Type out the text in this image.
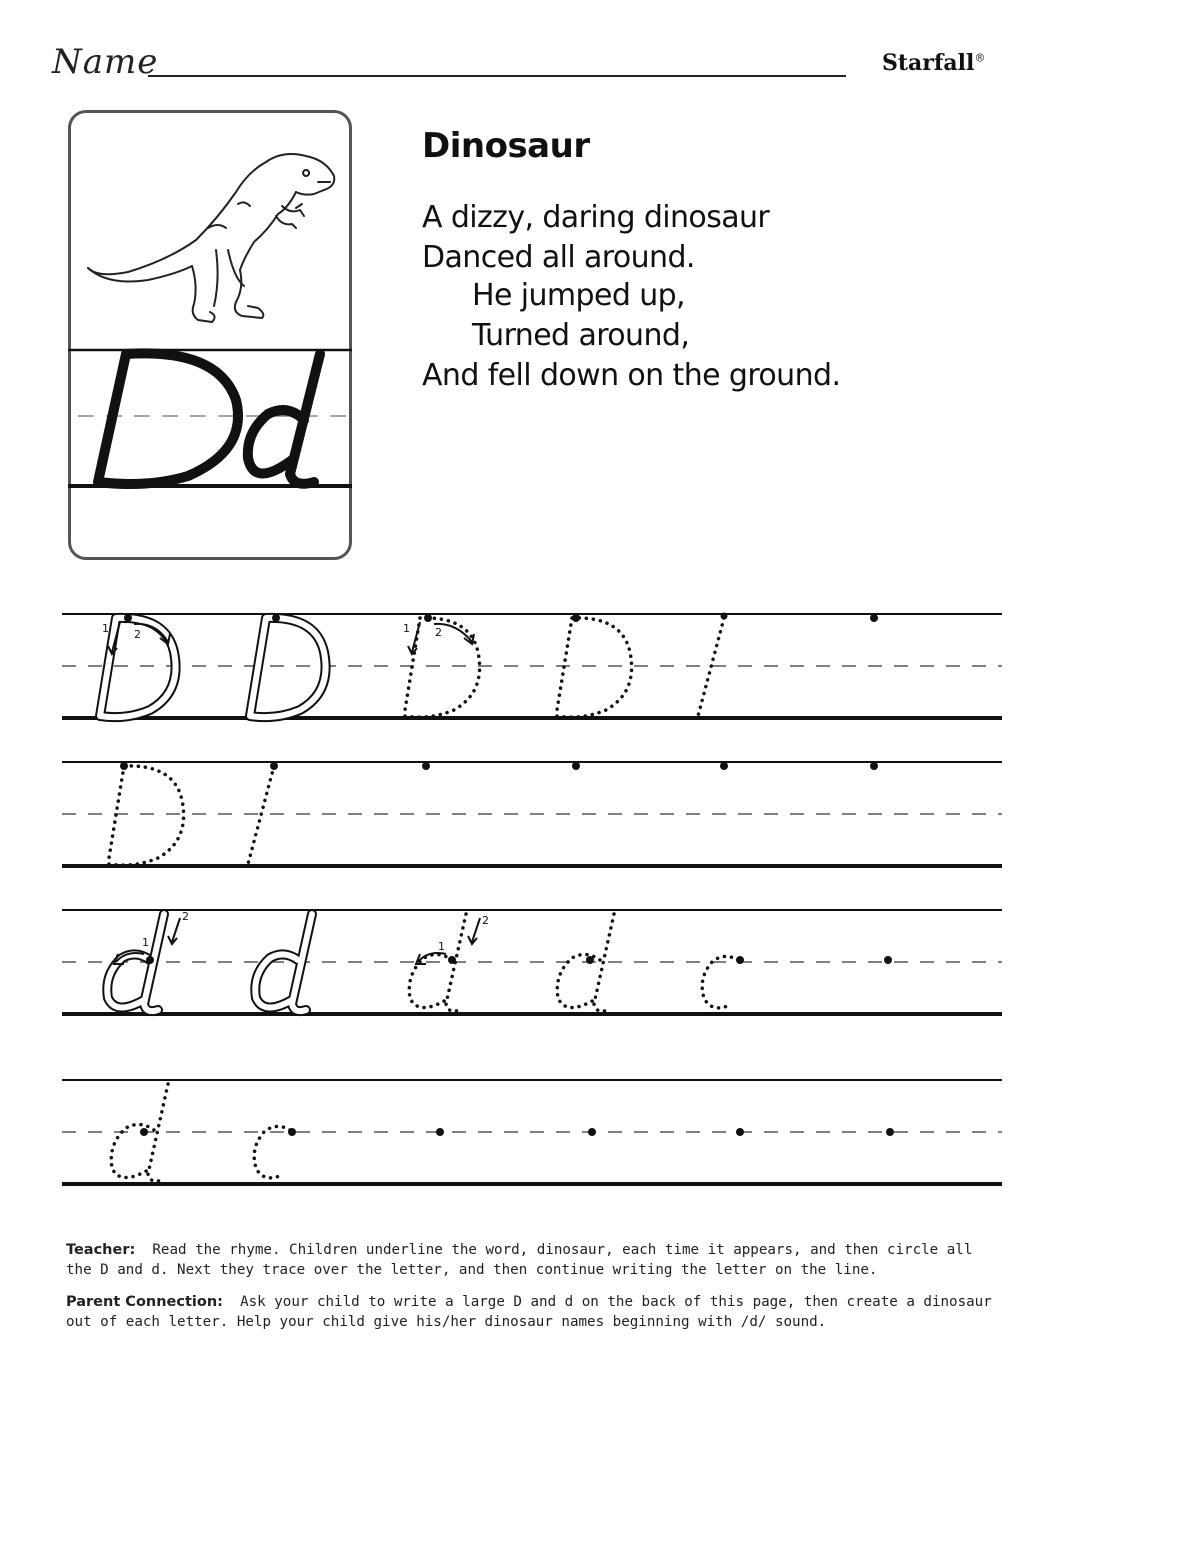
Name	Starfall®
Dinosaur
A dizzy, daring dinosaur
Danced all around.
He jumped up,
Turned around,
And fell down on the ground.
1 2	1 2
1
2
1
2
Teacher: Read the rhyme. Children underline the word, dinosaur, each time it appears, and then circle all the D and d. Next they trace over the letter, and then continue writing the letter on the line.
Parent Connection: Ask your child to write a large D and d on the back of this page, then create a dinosaur out of each letter. Help your child give his/her dinosaur names beginning with /d/ sound.
